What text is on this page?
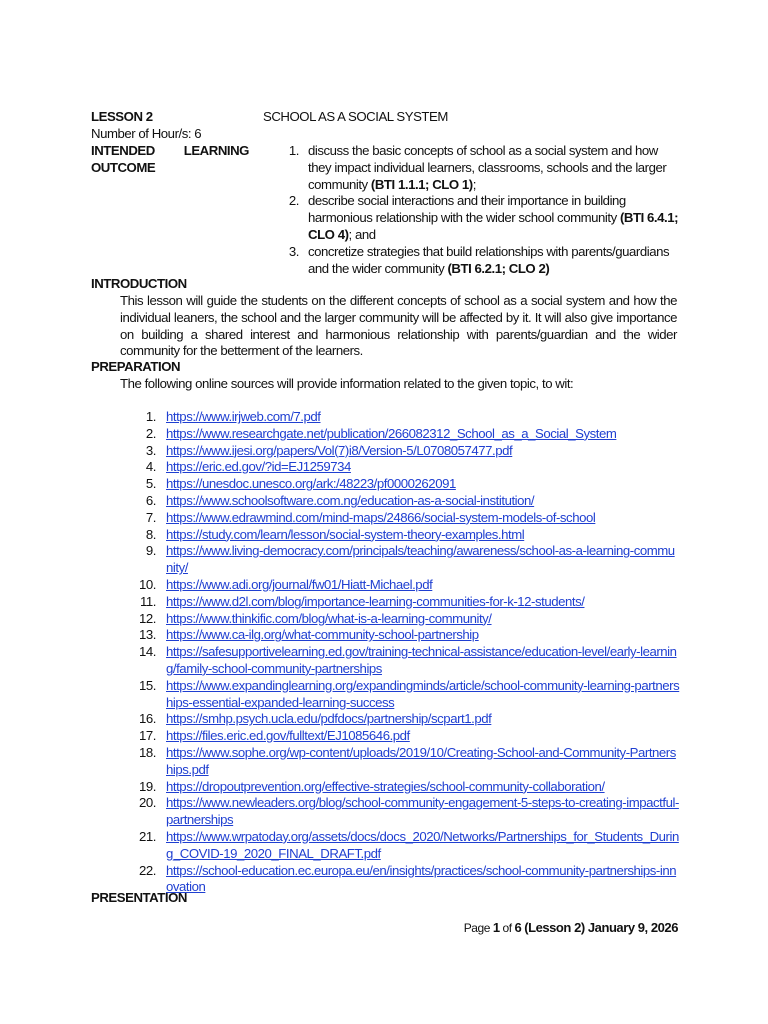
LESSON 2	SCHOOL AS A SOCIAL SYSTEM
Number of Hour/s: 6
INTENDED LEARNING
OUTCOME
1. discuss the basic concepts of school as a social system and how they impact individual learners, classrooms, schools and the larger community (BTI 1.1.1; CLO 1);
2. describe social interactions and their importance in building harmonious relationship with the wider school community (BTI 6.4.1; CLO 4); and
3. concretize strategies that build relationships with parents/guardians and the wider community (BTI 6.2.1; CLO 2)
INTRODUCTION
This lesson will guide the students on the different concepts of school as a social system and how the individual leaners, the school and the larger community will be affected by it. It will also give importance on building a shared interest and harmonious relationship with parents/guardian and the wider community for the betterment of the learners.
PREPARATION
The following online sources will provide information related to the given topic, to wit:
1. https://www.irjweb.com/7.pdf
2. https://www.researchgate.net/publication/266082312_School_as_a_Social_System
3. https://www.ijesi.org/papers/Vol(7)i8/Version-5/L0708057477.pdf
4. https://eric.ed.gov/?id=EJ1259734
5. https://unesdoc.unesco.org/ark:/48223/pf0000262091
6. https://www.schoolsoftware.com.ng/education-as-a-social-institution/
7. https://www.edrawmind.com/mind-maps/24866/social-system-models-of-school
8. https://study.com/learn/lesson/social-system-theory-examples.html
9. https://www.living-democracy.com/principals/teaching/awareness/school-as-a-learning-community/
10. https://www.adi.org/journal/fw01/Hiatt-Michael.pdf
11. https://www.d2l.com/blog/importance-learning-communities-for-k-12-students/
12. https://www.thinkific.com/blog/what-is-a-learning-community/
13. https://www.ca-ilg.org/what-community-school-partnership
14. https://safesupportivelearning.ed.gov/training-technical-assistance/education-level/early-learning/family-school-community-partnerships
15. https://www.expandinglearning.org/expandingminds/article/school-community-learning-partnerships-essential-expanded-learning-success
16. https://smhp.psych.ucla.edu/pdfdocs/partnership/scpart1.pdf
17. https://files.eric.ed.gov/fulltext/EJ1085646.pdf
18. https://www.sophe.org/wp-content/uploads/2019/10/Creating-School-and-Community-Partnerships.pdf
19. https://dropoutprevention.org/effective-strategies/school-community-collaboration/
20. https://www.newleaders.org/blog/school-community-engagement-5-steps-to-creating-impactful-partnerships
21. https://www.wrpatoday.org/assets/docs/docs_2020/Networks/Partnerships_for_Students_During_COVID-19_2020_FINAL_DRAFT.pdf
22. https://school-education.ec.europa.eu/en/insights/practices/school-community-partnerships-innovation
PRESENTATION
Page 1 of 6 (Lesson 2) January 9, 2026
